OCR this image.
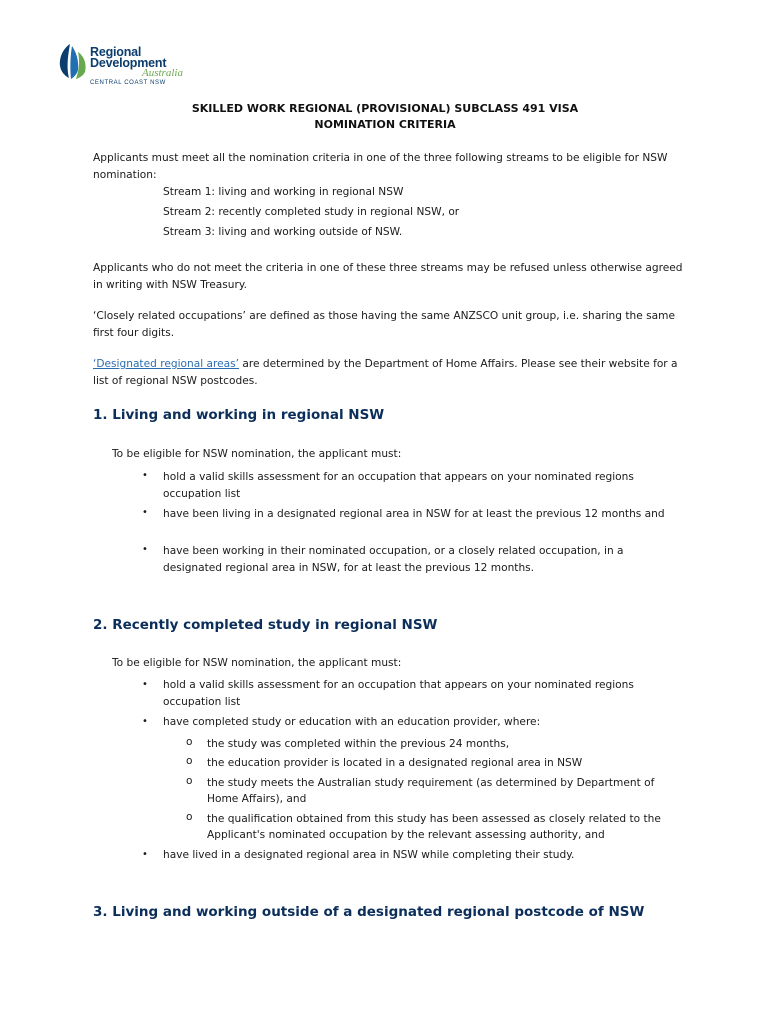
Regional
Development
Australia
CENTRAL COAST NSW
SKILLED WORK REGIONAL (PROVISIONAL) SUBCLASS 491 VISA
NOMINATION CRITERIA

Applicants must meet all the nomination criteria in one of the three following streams to be eligible for NSW nomination:

Stream 1: living and working in regional NSW
Stream 2: recently completed study in regional NSW, or
Stream 3: living and working outside of NSW.

Applicants who do not meet the criteria in one of these three streams may be refused unless otherwise agreed in writing with NSW Treasury.

‘Closely related occupations’ are defined as those having the same ANZSCO unit group, i.e. sharing the same first four digits.

‘Designated regional areas’ are determined by the Department of Home Affairs. Please see their website for a list of regional NSW postcodes.

1. Living and working in regional NSW
To be eligible for NSW nomination, the applicant must:
• hold a valid skills assessment for an occupation that appears on your nominated regions occupation list

• have been living in a designated regional area in NSW for at least the previous 12 months and

• have been working in their nominated occupation, or a closely related occupation, in a designated regional area in NSW, for at least the previous 12 months.

2. Recently completed study in regional NSW
To be eligible for NSW nomination, the applicant must:
• hold a valid skills assessment for an occupation that appears on your nominated regions occupation list

• have completed study or education with an education provider, where:

o the study was completed within the previous 24 months,

o the education provider is located in a designated regional area in NSW

o the study meets the Australian study requirement (as determined by Department of Home Affairs), and

o the qualification obtained from this study has been assessed as closely related to the Applicant's nominated occupation by the relevant assessing authority, and

• have lived in a designated regional area in NSW while completing their study.

3. Living and working outside of a designated regional postcode of NSW
